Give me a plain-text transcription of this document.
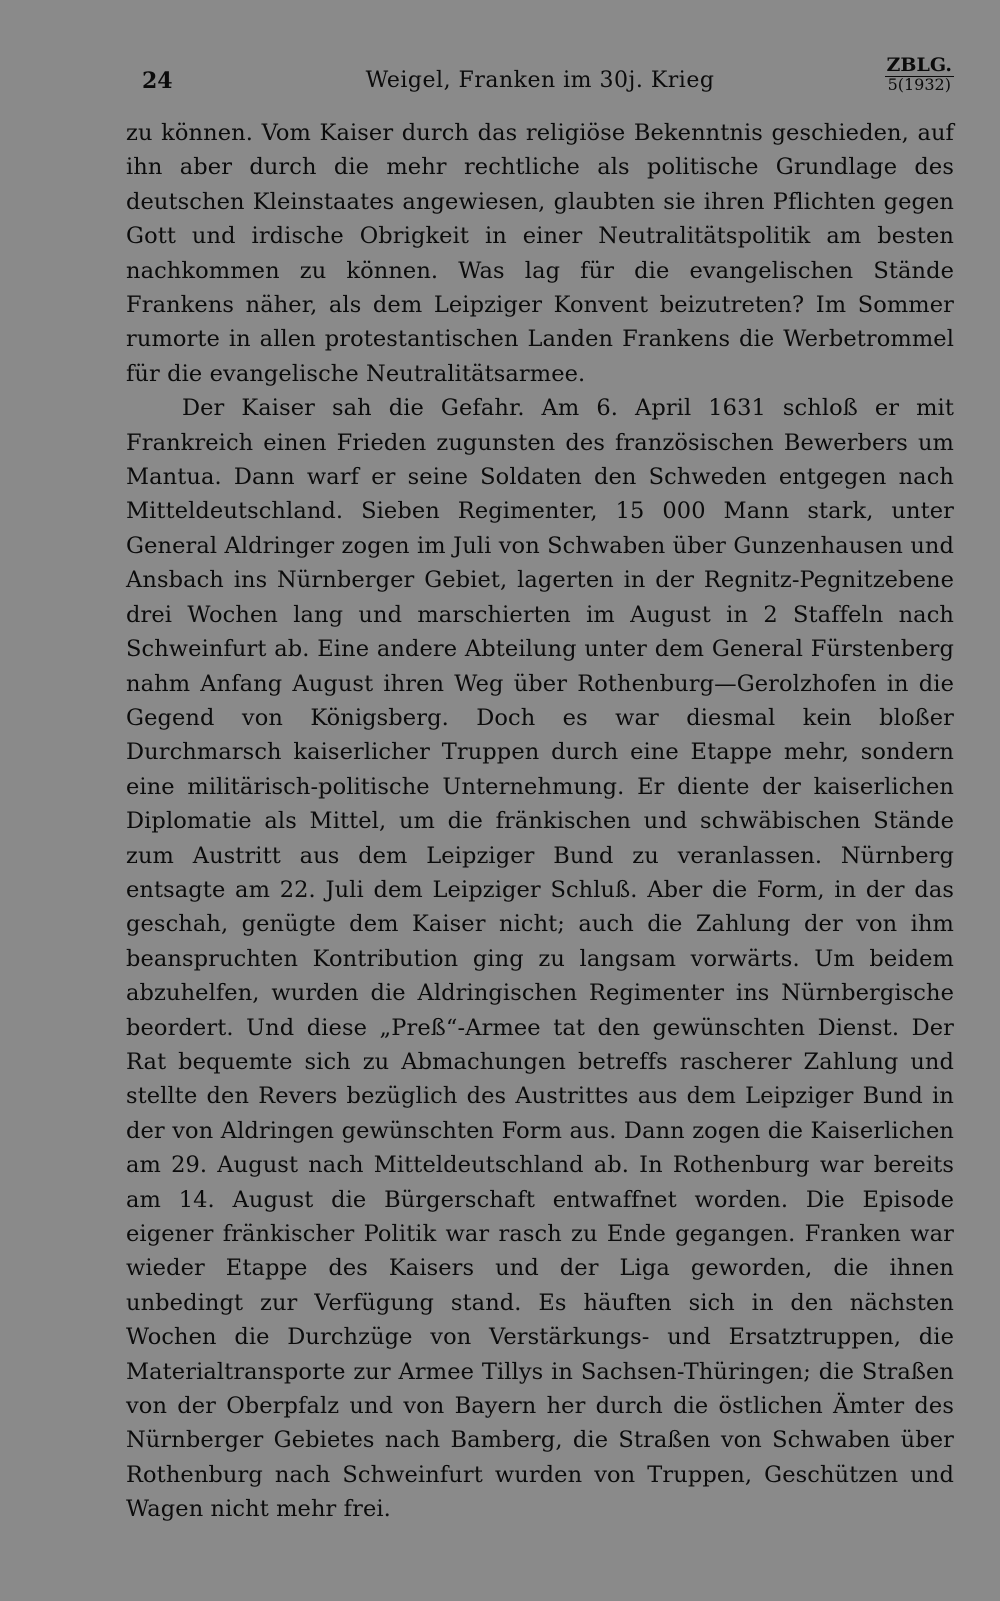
24	Weigel, Franken im 30j. Krieg
ZBLG.
5(1932)

zu können. Vom Kaiser durch das religiöse Bekenntnis geschieden, auf ihn aber durch die mehr rechtliche als politische Grundlage des deutschen Kleinstaates angewiesen, glaubten sie ihren Pflichten gegen Gott und irdische Obrigkeit in einer Neutralitätspolitik am besten nachkommen zu können. Was lag für die evangelischen Stände Frankens näher, als dem Leipziger Konvent beizutreten? Im Sommer rumorte in allen protestantischen Landen Frankens die Werbetrommel für die evangelische Neutralitätsarmee.

Der Kaiser sah die Gefahr. Am 6. April 1631 schloß er mit Frankreich einen Frieden zugunsten des französischen Bewerbers um Mantua. Dann warf er seine Soldaten den Schweden entgegen nach Mitteldeutschland. Sieben Regimenter, 15 000 Mann stark, unter General Aldringer zogen im Juli von Schwaben über Gunzenhausen und Ansbach ins Nürnberger Gebiet, lagerten in der Regnitz-Pegnitzebene drei Wochen lang und marschierten im August in 2 Staffeln nach Schweinfurt ab. Eine andere Abteilung unter dem General Fürstenberg nahm Anfang August ihren Weg über Rothenburg—Gerolzhofen in die Gegend von Königsberg. Doch es war diesmal kein bloßer Durchmarsch kaiserlicher Truppen durch eine Etappe mehr, sondern eine militärisch-politische Unternehmung. Er diente der kaiserlichen Diplomatie als Mittel, um die fränkischen und schwäbischen Stände zum Austritt aus dem Leipziger Bund zu veranlassen. Nürnberg entsagte am 22. Juli dem Leipziger Schluß. Aber die Form, in der das geschah, genügte dem Kaiser nicht; auch die Zahlung der von ihm beanspruchten Kontribution ging zu langsam vorwärts. Um beidem abzuhelfen, wurden die Aldringischen Regimenter ins Nürnbergische beordert. Und diese „Preß“-Armee tat den gewünschten Dienst. Der Rat bequemte sich zu Abmachungen betreffs rascherer Zahlung und stellte den Revers bezüglich des Austrittes aus dem Leipziger Bund in der von Aldringen gewünschten Form aus. Dann zogen die Kaiserlichen am 29. August nach Mitteldeutschland ab. In Rothenburg war bereits am 14. August die Bürgerschaft entwaffnet worden. Die Episode eigener fränkischer Politik war rasch zu Ende gegangen. Franken war wieder Etappe des Kaisers und der Liga geworden, die ihnen unbedingt zur Verfügung stand. Es häuften sich in den nächsten Wochen die Durchzüge von Verstärkungs- und Ersatztruppen, die Materialtransporte zur Armee Tillys in Sachsen-Thüringen; die Straßen von der Oberpfalz und von Bayern her durch die östlichen Ämter des Nürnberger Gebietes nach Bamberg, die Straßen von Schwaben über Rothenburg nach Schweinfurt wurden von Truppen, Geschützen und Wagen nicht mehr frei.
